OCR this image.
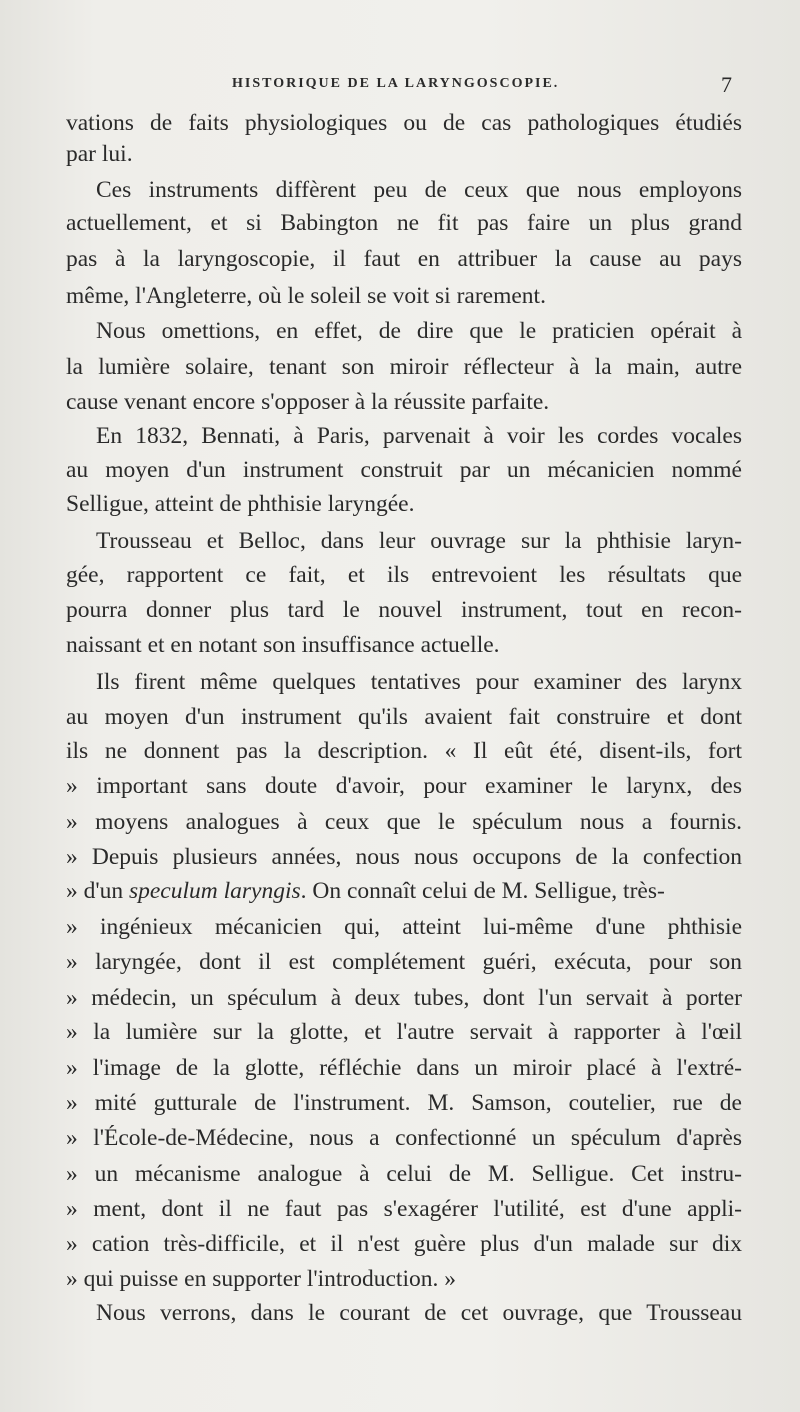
HISTORIQUE DE LA LARYNGOSCOPIE.	7
vations de faits physiologiques ou de cas pathologiques étudiés
par lui.
Ces instruments diffèrent peu de ceux que nous employons
actuellement, et si Babington ne fit pas faire un plus grand
pas à la laryngoscopie, il faut en attribuer la cause au pays
même, l'Angleterre, où le soleil se voit si rarement.
Nous omettions, en effet, de dire que le praticien opérait à
la lumière solaire, tenant son miroir réflecteur à la main, autre
cause venant encore s'opposer à la réussite parfaite.
En 1832, Bennati, à Paris, parvenait à voir les cordes vocales
au moyen d'un instrument construit par un mécanicien nommé
Selligue, atteint de phthisie laryngée.
Trousseau et Belloc, dans leur ouvrage sur la phthisie laryn-
gée, rapportent ce fait, et ils entrevoient les résultats que
pourra donner plus tard le nouvel instrument, tout en recon-
naissant et en notant son insuffisance actuelle.
Ils firent même quelques tentatives pour examiner des larynx
au moyen d'un instrument qu'ils avaient fait construire et dont
ils ne donnent pas la description. « Il eût été, disent-ils, fort
» important sans doute d'avoir, pour examiner le larynx, des
» moyens analogues à ceux que le spéculum nous a fournis.
» Depuis plusieurs années, nous nous occupons de la confection
» d'un speculum laryngis. On connaît celui de M. Selligue, très-
» ingénieux mécanicien qui, atteint lui-même d'une phthisie
» laryngée, dont il est complétement guéri, exécuta, pour son
» médecin, un spéculum à deux tubes, dont l'un servait à porter
» la lumière sur la glotte, et l'autre servait à rapporter à l'œil
» l'image de la glotte, réfléchie dans un miroir placé à l'extré-
» mité gutturale de l'instrument. M. Samson, coutelier, rue de
» l'École-de-Médecine, nous a confectionné un spéculum d'après
» un mécanisme analogue à celui de M. Selligue. Cet instru-
» ment, dont il ne faut pas s'exagérer l'utilité, est d'une appli-
» cation très-difficile, et il n'est guère plus d'un malade sur dix
» qui puisse en supporter l'introduction. »
Nous verrons, dans le courant de cet ouvrage, que Trousseau
